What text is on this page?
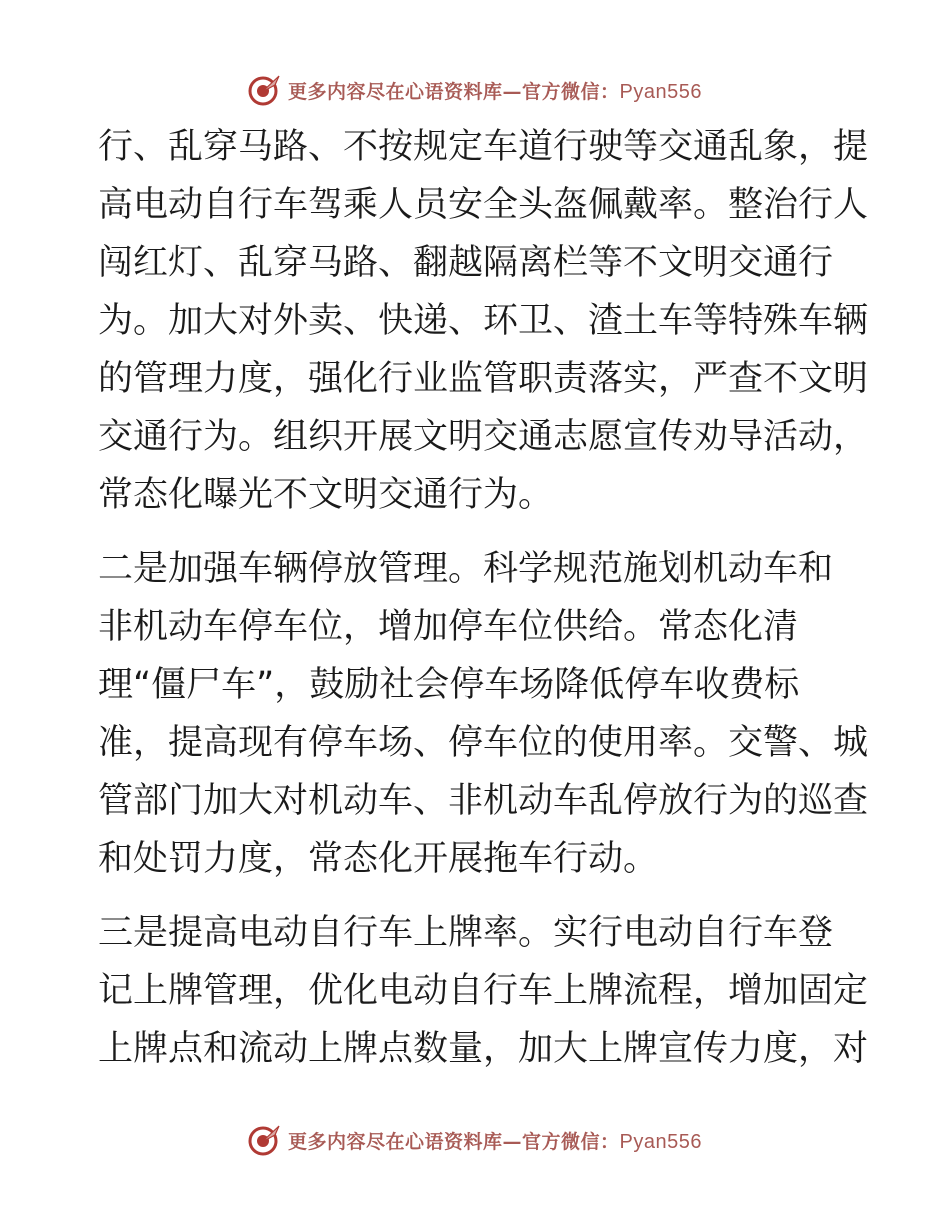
更多内容尽在心语资料库—官方微信：Pyan556
行、乱穿马路、不按规定车道行驶等交通乱象，提
高电动自行车驾乘人员安全头盔佩戴率。整治行人
闯红灯、乱穿马路、翻越隔离栏等不文明交通行
为。加大对外卖、快递、环卫、渣土车等特殊车辆
的管理力度，强化行业监管职责落实，严查不文明
交通行为。组织开展文明交通志愿宣传劝导活动，
常态化曝光不文明交通行为。
二是加强车辆停放管理。科学规范施划机动车和
非机动车停车位，增加停车位供给。常态化清
理“僵尸车”，鼓励社会停车场降低停车收费标
准，提高现有停车场、停车位的使用率。交警、城
管部门加大对机动车、非机动车乱停放行为的巡查
和处罚力度，常态化开展拖车行动。
三是提高电动自行车上牌率。实行电动自行车登
记上牌管理，优化电动自行车上牌流程，增加固定
上牌点和流动上牌点数量，加大上牌宣传力度，对
更多内容尽在心语资料库—官方微信：Pyan556
